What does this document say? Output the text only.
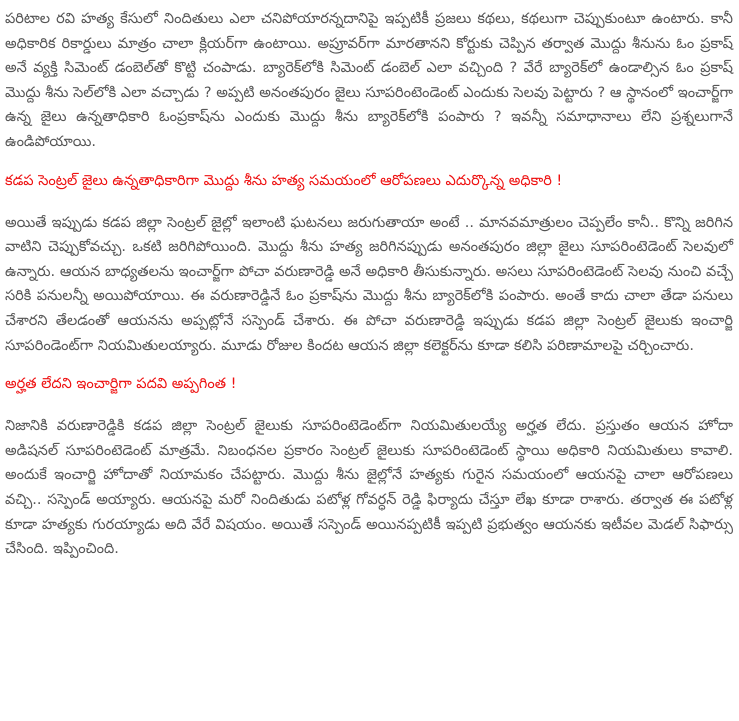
పరిటాల రవి హత్య కేసులో నిందితులు ఎలా చనిపోయారన్నదానిపై ఇప్పటికీ ప్రజలు కథలు, కథలుగా చెప్పుకుంటూ ఉంటారు. కానీ అధికారిక రికార్డులు మాత్రం చాలా క్లియర్‌గా ఉంటాయి. అప్రూవర్‌గా మారతానని కోర్టుకు చెప్పిన తర్వాత మొద్దు శీనును ఓం ప్రకాష్ అనే వ్యక్తి సిమెంట్ డంబెల్‌తో కొట్టి చంపాడు. బ్యారెక్‌లోకి సిమెంట్ డంబెల్ ఎలా వచ్చింది ? వేరే బ్యారెక్‌లో ఉండాల్సిన ఓం ప్రకాష్ మొద్దు శీను సెల్‌లోకి ఎలా వచ్చాడు ? అప్పటి అనంతపురం జైలు సూపరింటెండెంట్ ఎందుకు సెలవు పెట్టారు ? ఆ స్థానంలో ఇంచార్జ్‌గా ఉన్న జైలు ఉన్నతాధికారి ఓంప్రకాష్‌ను ఎందుకు మొద్దు శీను బ్యారెక్‌లోకి పంపారు ? ఇవన్నీ సమాధానాలు లేని ప్రశ్నలుగానే ఉండిపోయాయి.

కడప సెంట్రల్ జైలు ఉన్నతాధికారిగా మొద్దు శీను హత్య సమయంలో ఆరోపణలు ఎదుర్కొన్న అధికారి !

అయితే ఇప్పుడు కడప జిల్లా సెంట్రల్ జైల్లో ఇలాంటి ఘటనలు జరుగుతాయా అంటే .. మానవమాత్రులం చెప్పలేం కానీ.. కొన్ని జరిగిన వాటిని చెప్పుకోవచ్చు. ఒకటి జరిగిపోయింది. మొద్దు శీను హత్య జరిగినప్పుడు అనంతపురం జిల్లా జైలు సూపరింటెడెంట్ సెలవులో ఉన్నారు. ఆయన బాధ్యతలను ఇంచార్జ్‌గా పోచా వరుణారెడ్డి అనే అధికారి తీసుకున్నారు. అసలు సూపరింటెడెంట్ సెలవు నుంచి వచ్చే సరికి పనులన్నీ అయిపోయాయి. ఈ వరుణారెడ్డినే ఓం ప్రకాష్‌ను మొద్దు శీను బ్యారెక్‌లోకి పంపారు. అంతే కాదు చాలా తేడా పనులు చేశారని తేలడంతో ఆయనను అప్పట్లోనే సస్పెండ్ చేశారు. ఈ పోచా వరుణారెడ్డి ఇప్పుడు కడప జిల్లా సెంట్రల్ జైలుకు ఇంచార్జి సూపరిండెంట్‌గా నియమితులయ్యారు. మూడు రోజుల కిందట ఆయన జిల్లా కలెక్టర్‌ను కూడా కలిసి పరిణామాలపై చర్చించారు.

అర్హత లేదని ఇంచార్జిగా పదవి అప్పగింత !

నిజానికి వరుణారెడ్డికి కడప జిల్లా సెంట్రల్ జైలుకు సూపరింటెడెంట్‌గా నియమితులయ్యే అర్హత లేదు. ప్రస్తుతం ఆయన హోదా అడిషనల్ సూపరింటెడెంట్ మాత్రమే. నిబంధనల ప్రకారం సెంట్రల్ జైలుకు సూపరింటెడెంట్ స్థాయి అధికారి నియమితులు కావాలి. అందుకే ఇంచార్జి హోదాతో నియామకం చేపట్టారు. మొద్దు శీను జైల్లోనే హత్యకు గురైన సమయంలో ఆయనపై చాలా ఆరోపణలు వచ్చి.. సస్పెండ్ అయ్యారు. ఆయనపై మరో నిందితుడు పటోళ్ల గోవర్ధన్ రెడ్డి ఫిర్యాదు చేస్తూ లేఖ కూడా రాశారు. తర్వాత ఈ పటోళ్ల కూడా హత్యకు గురయ్యాడు అది వేరే విషయం. అయితే సస్పెండ్ అయినప్పటికీ ఇప్పటి ప్రభుత్వం ఆయనకు ఇటీవల మెడల్ సిఫార్సు చేసింది. ఇప్పించింది.
